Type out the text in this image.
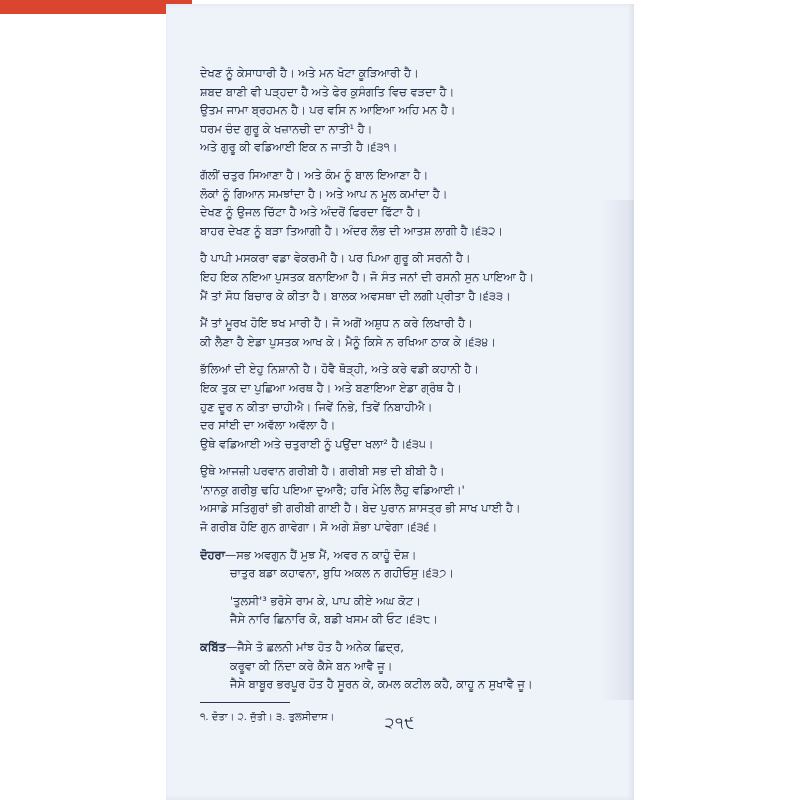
ਦੇਖਣ ਨੂੰ ਕੇਸਾਧਾਰੀ ਹੈ। ਅਤੇ ਮਨ ਖੋਟਾ ਕੂੜਿਆਰੀ ਹੈ।
ਸ਼ਬਦ ਬਾਣੀ ਵੀ ਪੜ੍ਹਦਾ ਹੈ ਅਤੇ ਫੇਰ ਕੁਸੰਗਤਿ ਵਿਚ ਵੜਦਾ ਹੈ।
ਉਤਮ ਜਾਮਾ ਬ੍ਰਹਮਨ ਹੈ। ਪਰ ਵਸਿ ਨ ਆਇਆ ਅਹਿ ਮਨ ਹੈ।
ਧਰਮ ਚੰਦ ਗੁਰੂ ਕੇ ਖਜ਼ਾਨਚੀ ਦਾ ਨਾਤੀ¹ ਹੈ।
ਅਤੇ ਗੁਰੂ ਕੀ ਵਡਿਆਈ ਇਕ ਨ ਜਾਤੀ ਹੈ।੬੩੧।
ਗੱਲੀਂ ਚਤੁਰ ਸਿਆਣਾ ਹੈ। ਅਤੇ ਕੰਮ ਨੂੰ ਬਾਲ ਇਆਣਾ ਹੈ।
ਲੋਕਾਂ ਨੂੰ ਗਿਆਨ ਸਮਝਾਂਦਾ ਹੈ। ਅਤੇ ਆਪ ਨ ਮੂਲ ਕਮਾਂਦਾ ਹੈ।
ਦੇਖਣ ਨੂੰ ਉਜਲ ਚਿੱਟਾ ਹੈ ਅਤੇ ਅੰਦਰੋਂ ਫਿਰਦਾ ਫਿੱਟਾ ਹੈ।
ਬਾਹਰ ਦੇਖਣ ਨੂੰ ਬੜਾ ਤਿਆਗੀ ਹੈ। ਅੰਦਰ ਲੋਭ ਦੀ ਆਤਸ਼ ਲਾਗੀ ਹੈ।੬੩੨।
ਹੈ ਪਾਪੀ ਮਸਕਰਾ ਵਡਾ ਵੇਕਰਮੀ ਹੈ। ਪਰ ਪਿਆ ਗੁਰੂ ਕੀ ਸਰਨੀ ਹੈ।
ਇਹ ਇਕ ਨਇਆ ਪੁਸਤਕ ਬਨਾਇਆ ਹੈ। ਜੋ ਸੰਤ ਜਨਾਂ ਦੀ ਰਸਨੀ ਸੁਨ ਪਾਇਆ ਹੈ।
ਮੈਂ ਤਾਂ ਸੋਧ ਬਿਚਾਰ ਕੇ ਕੀਤਾ ਹੈ। ਬਾਲਕ ਅਵਸਥਾ ਦੀ ਲਗੀ ਪ੍ਰੀਤਾ ਹੈ।੬੩੩।
ਮੈਂ ਤਾਂ ਮੂਰਖ ਹੋਇ ਝਖ ਮਾਰੀ ਹੈ। ਜੋ ਅਗੋਂ ਅਸ਼ੁਧ ਨ ਕਰੇ ਲਿਖਾਰੀ ਹੈ।
ਕੀ ਲੈਣਾ ਹੈ ਏਡਾ ਪੁਸਤਕ ਆਖ ਕੇ। ਮੈਨੂੰ ਕਿਸੇ ਨ ਰਖਿਆ ਠਾਕ ਕੇ।੬੩੪।
ਭੱਲਿਆਂ ਦੀ ਏਹੁ ਨਿਸ਼ਾਨੀ ਹੈ। ਹੋਵੈ ਥੋੜ੍ਹੀ, ਅਤੇ ਕਰੇ ਵਡੀ ਕਹਾਨੀ ਹੈ।
ਇਕ ਤੁਕ ਦਾ ਪੁਛਿਆ ਅਰਥ ਹੈ। ਅਤੇ ਬਣਾਇਆ ਏਡਾ ਗ੍ਰੰਥ ਹੈ।
ਹੁਣ ਦੂਰ ਨ ਕੀਤਾ ਚਾਹੀਐ। ਜਿਵੇਂ ਨਿਭੇ, ਤਿਵੇਂ ਨਿਬਾਹੀਐ।
ਦਰ ਸਾਂਈ ਦਾ ਅਵੱਲਾ ਅਵੱਲਾ ਹੈ।
ਉਥੇ ਵਡਿਆਈ ਅਤੇ ਚਤੁਰਾਈ ਨੂੰ ਪਉਂਦਾ ਖਲਾ² ਹੈ।੬੩੫।
ਉਥੇ ਆਜਜ਼ੀ ਪਰਵਾਨ ਗਰੀਬੀ ਹੈ। ਗਰੀਬੀ ਸਭ ਦੀ ਬੀਬੀ ਹੈ।
'ਨਾਨਕੁ ਗਰੀਬੁ ਢਹਿ ਪਇਆ ਦੁਆਰੈ; ਹਰਿ ਮੇਲਿ ਲੈਹੁ ਵਡਿਆਈ।'
ਅਸਾਡੇ ਸਤਿਗੁਰਾਂ ਭੀ ਗਰੀਬੀ ਗਾਈ ਹੈ। ਬੇਦ ਪੁਰਾਨ ਸ਼ਾਸਤ੍ਰ ਭੀ ਸਾਖ ਪਾਈ ਹੈ।
ਜੋ ਗਰੀਬ ਹੋਇ ਗੁਨ ਗਾਵੇਗਾ। ਸੋ ਅਗੇ ਸ਼ੋਭਾ ਪਾਵੇਗਾ।੬੩੬।
ਦੋਹਰਾ—ਸਭ ਅਵਗੁਨ ਹੈਂ ਮੁਝ ਮੈਂ, ਅਵਰ ਨ ਕਾਹੂੰ ਦੋਸ਼।
ਚਾਤੁਰ ਬਡਾ ਕਹਾਵਨਾ, ਬੁਧਿ ਅਕਲ ਨ ਗਹੀਓਸੁ।੬੩੭।
'ਤੁਲਸੀ'³ ਭਰੋਸੇ ਰਾਮ ਕੇ, ਪਾਪ ਕੀਏ ਅਘ ਕੋਟ।
ਜੈਸੇ ਨਾਰਿ ਛਿਨਾਰਿ ਕੋ, ਬਡੀ ਖਸਮ ਕੀ ਓਟ।੬੩੮।
ਕਬਿੱਤ—ਜੈਸੇ ਤੋ ਛਲਨੀ ਮਾਂਝ ਹੋਤ ਹੈ ਅਨੇਕ ਛਿਦ੍ਰ,
ਕਰੂਵਾ ਕੀ ਨਿੰਦਾ ਕਰੇ ਕੈਸੇ ਬਨ ਆਵੈ ਜੂ।
ਜੈਸੇ ਬਾਬੂਰ ਭਰਪੂਰ ਹੋਤ ਹੈ ਸੂਰਨ ਕੇ, ਕਮਲ ਕਟੀਲ ਕਹੈ, ਕਾਹੂ ਨ ਸੁਖਾਵੈ ਜੂ।
੧. ਦੋਤਾ। ੨. ਜੁੱਤੀ। ੩. ਤੁਲਸੀਦਾਸ।	੨੧੯
